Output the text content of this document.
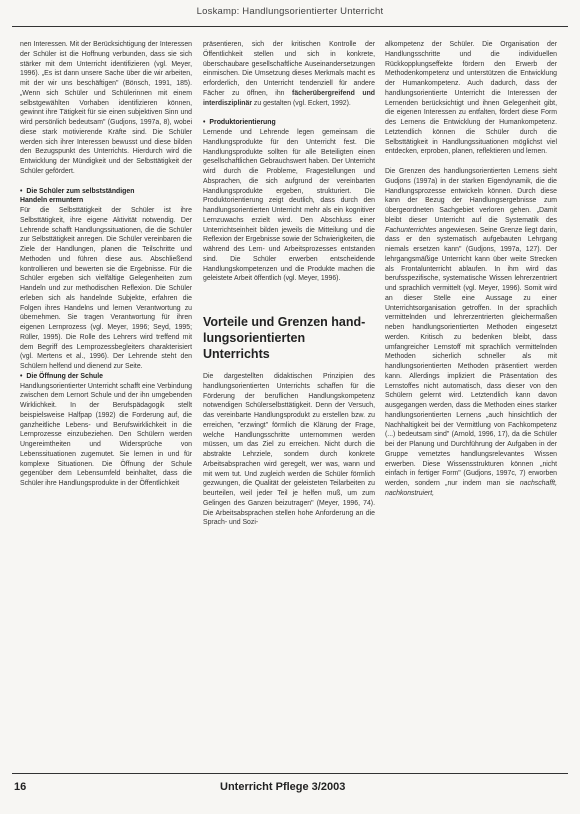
Loskamp: Handlungsorientierter Unterricht

nen Interessen. Mit der Berücksichtigung der Interessen der Schüler ist die Hoffnung verbunden, dass sie sich stärker mit dem Unterricht identifizieren (vgl. Meyer, 1996). „Es ist dann unsere Sache über die wir arbeiten, mit der wir uns beschäftigen" (Bönsch, 1991, 185). „Wenn sich Schüler und Schülerinnen mit einem selbstgewählten Vorhaben identifizieren können, gewinnt ihre Tätigkeit für sie einen subjektiven Sinn und wird persönlich bedeutsam" (Gudjons, 1997a, 8), wobei diese stark motivierende Kräfte sind. Die Schüler werden sich ihrer Interessen bewusst und diese bilden den Bezugspunkt des Unterrichts. Hierdurch wird die Entwicklung der Mündigkeit und der Selbsttätigkeit der Schüler gefördert.

• Die Schüler zum selbstständigen
Handeln ermuntern

Für die Selbsttätigkeit der Schüler ist ihre Selbsttätigkeit, ihre eigene Aktivität notwendig. Der Lehrende schafft Handlungssituationen, die die Schüler zur Selbsttätigkeit anregen. Die Schüler vereinbaren die Ziele der Handlungen, planen die Teilschritte und Methoden und führen diese aus. Abschließend kontrollieren und bewerten sie die Ergebnisse. Für die Schüler ergeben sich vielfältige Gelegenheiten zum Handeln und zur methodischen Reflexion. Die Schüler erleben sich als handelnde Subjekte, erfahren die Folgen ihres Handelns und lernen Verantwortung zu übernehmen. Sie tragen Verantwortung für ihren eigenen Lernprozess (vgl. Meyer, 1996; Seyd, 1995; Rüller, 1995). Die Rolle des Lehrers wird treffend mit dem Begriff des Lernprozessbegleiters charakterisiert (vgl. Mertens et al., 1996). Der Lehrende steht den Schülern helfend und dienend zur Seite.

• Die Öffnung der Schule

Handlungsorientierter Unterricht schafft eine Verbindung zwischen dem Lernort Schule und der ihn umgebenden Wirklichkeit. In der Berufspädagogik stellt beispielsweise Halfpap (1992) die Forderung auf, die ganzheitliche Lebens- und Berufswirklichkeit in die Lernprozesse einzubeziehen. Den Schülern werden Ungereimtheiten und Widersprüche von Lebenssituationen zugemutet. Sie lernen in und für komplexe Situationen. Die Öffnung der Schule gegenüber dem Lebensumfeld beinhaltet, dass die Schüler ihre Handlungsprodukte in der Öffentlichkeit

präsentieren, sich der kritischen Kontrolle der Öffentlichkeit stellen und sich in konkrete, überschaubare gesellschaftliche Auseinandersetzungen einmischen. Die Umsetzung dieses Merkmals macht es erforderlich, den Unterricht tendenziell für andere Fächer zu öffnen, ihn fächerübergreifend und interdisziplinär zu gestalten (vgl. Eckert, 1992).

• Produktorientierung

Lernende und Lehrende legen gemeinsam die Handlungsprodukte für den Unterricht fest. Die Handlungsprodukte sollten für alle Beteiligten einen gesellschaftlichen Gebrauchswert haben. Der Unterricht wird durch die Probleme, Fragestellungen und Absprachen, die sich aufgrund der vereinbarten Handlungsprodukte ergeben, strukturiert. Die Produktorientierung zeigt deutlich, dass durch den handlungsorientierten Unterricht mehr als ein kognitiver Lernzuwachs erzielt wird. Den Abschluss einer Unterrichtseinheit bilden jeweils die Mitteilung und die Reflexion der Ergebnisse sowie der Schwierigkeiten, die während des Lern- und Arbeitsprozesses entstanden sind. Die Schüler erwerben entscheidende Handlungskompetenzen und die Produkte machen die geleistete Arbeit öffentlich (vgl. Meyer, 1996).

Vorteile und Grenzen hand-
lungsorientierten Unterrichts

Die dargestellten didaktischen Prinzipien des handlungsorientierten Unterrichts schaffen für die Förderung der beruflichen Handlungskompetenz notwendigen Schülerselbsttätigkeit. Denn der Versuch, das vereinbarte Handlungsprodukt zu erstellen bzw. zu erreichen, "erzwingt" förmlich die Klärung der Frage, welche Handlungsschritte unternommen werden müssen, um das Ziel zu erreichen. Nicht durch die abstrakte Lehrziele, sondern durch konkrete Arbeitsabsprachen wird geregelt, wer was, wann und mit wem tut. Und zugleich werden die Schüler förmlich gezwungen, die Qualität der geleisteten Teilarbeiten zu beurteilen, weil jeder Teil je helfen muß, um zum Gelingen des Ganzen beizutragen" (Meyer, 1996, 74). Die Arbeitsabsprachen stellen hohe Anforderung an die Sprach- und Sozi-

alkompetenz der Schüler. Die Organisation der Handlungsschritte und die individuellen Rückkopplungseffekte fördern den Erwerb der Methodenkompetenz und unterstützen die Entwicklung der Humankompetenz. Auch dadurch, dass der handlungsorientierte Unterricht die Interessen der Lernenden berücksichtigt und ihnen Gelegenheit gibt, die eigenen Interessen zu entfalten, fördert diese Form des Lernens die Entwicklung der Humankompetenz. Letztendlich können die Schüler durch die Selbsttätigkeit in Handlungssituationen möglichst viel entdecken, erproben, planen, reflektieren und lernen.

Die Grenzen des handlungsorientierten Lernens sieht Gudjons (1997a) in der starken Eigendynamik, die die Handlungsprozesse entwickeln können. Durch diese kann der Bezug der Handlungsergebnisse zum übergeordneten Sachgebiet verloren gehen. „Damit bleibt dieser Unterricht auf die Systematik des Fachunterrichtes angewiesen. Seine Grenze liegt darin, dass er den systematisch aufgebauten Lehrgang niemals ersetzen kann" (Gudjons, 1997a, 127). Der lehrgangsmäßige Unterricht kann über weite Strecken als Frontalunterricht ablaufen. In ihm wird das berufsspezifische, systematische Wissen lehrerzentriert und sprachlich vermittelt (vgl. Meyer, 1996). Somit wird an dieser Stelle eine Aussage zu einer Unterrichtsorganisation getroffen. In der sprachlich vermittelnden und lehrerzentrierten gleichermaßen neben handlungsorientierten Methoden eingesetzt werden. Kritisch zu bedenken bleibt, dass umfangreicher Lernstoff mit sprachlich vermittelnden Methoden sicherlich schneller als mit handlungsorientierten Methoden präsentiert werden kann. Allerdings impliziert die Präsentation des Lernstoffes nicht automatisch, dass dieser von den Schülern gelernt wird. Letztendlich kann davon ausgegangen werden, dass die Methoden eines starker handlungsorientierten Lernens „auch hinsichtlich der Nachhaltigkeit bei der Vermittlung von Fachkompetenz (...) bedeutsam sind" (Arnold, 1996, 17), da die Schüler bei der Planung und Durchführung der Aufgaben in der Gruppe vernetztes handlungsrelevantes Wissen erwerben. Diese Wissensstrukturen können „nicht einfach in fertiger Form" (Gudjons, 1997c, 7) erworben werden, sondern „nur indem man sie nachschafft, nachkonstruiert,

16	Unterricht Pflege 3/2003
